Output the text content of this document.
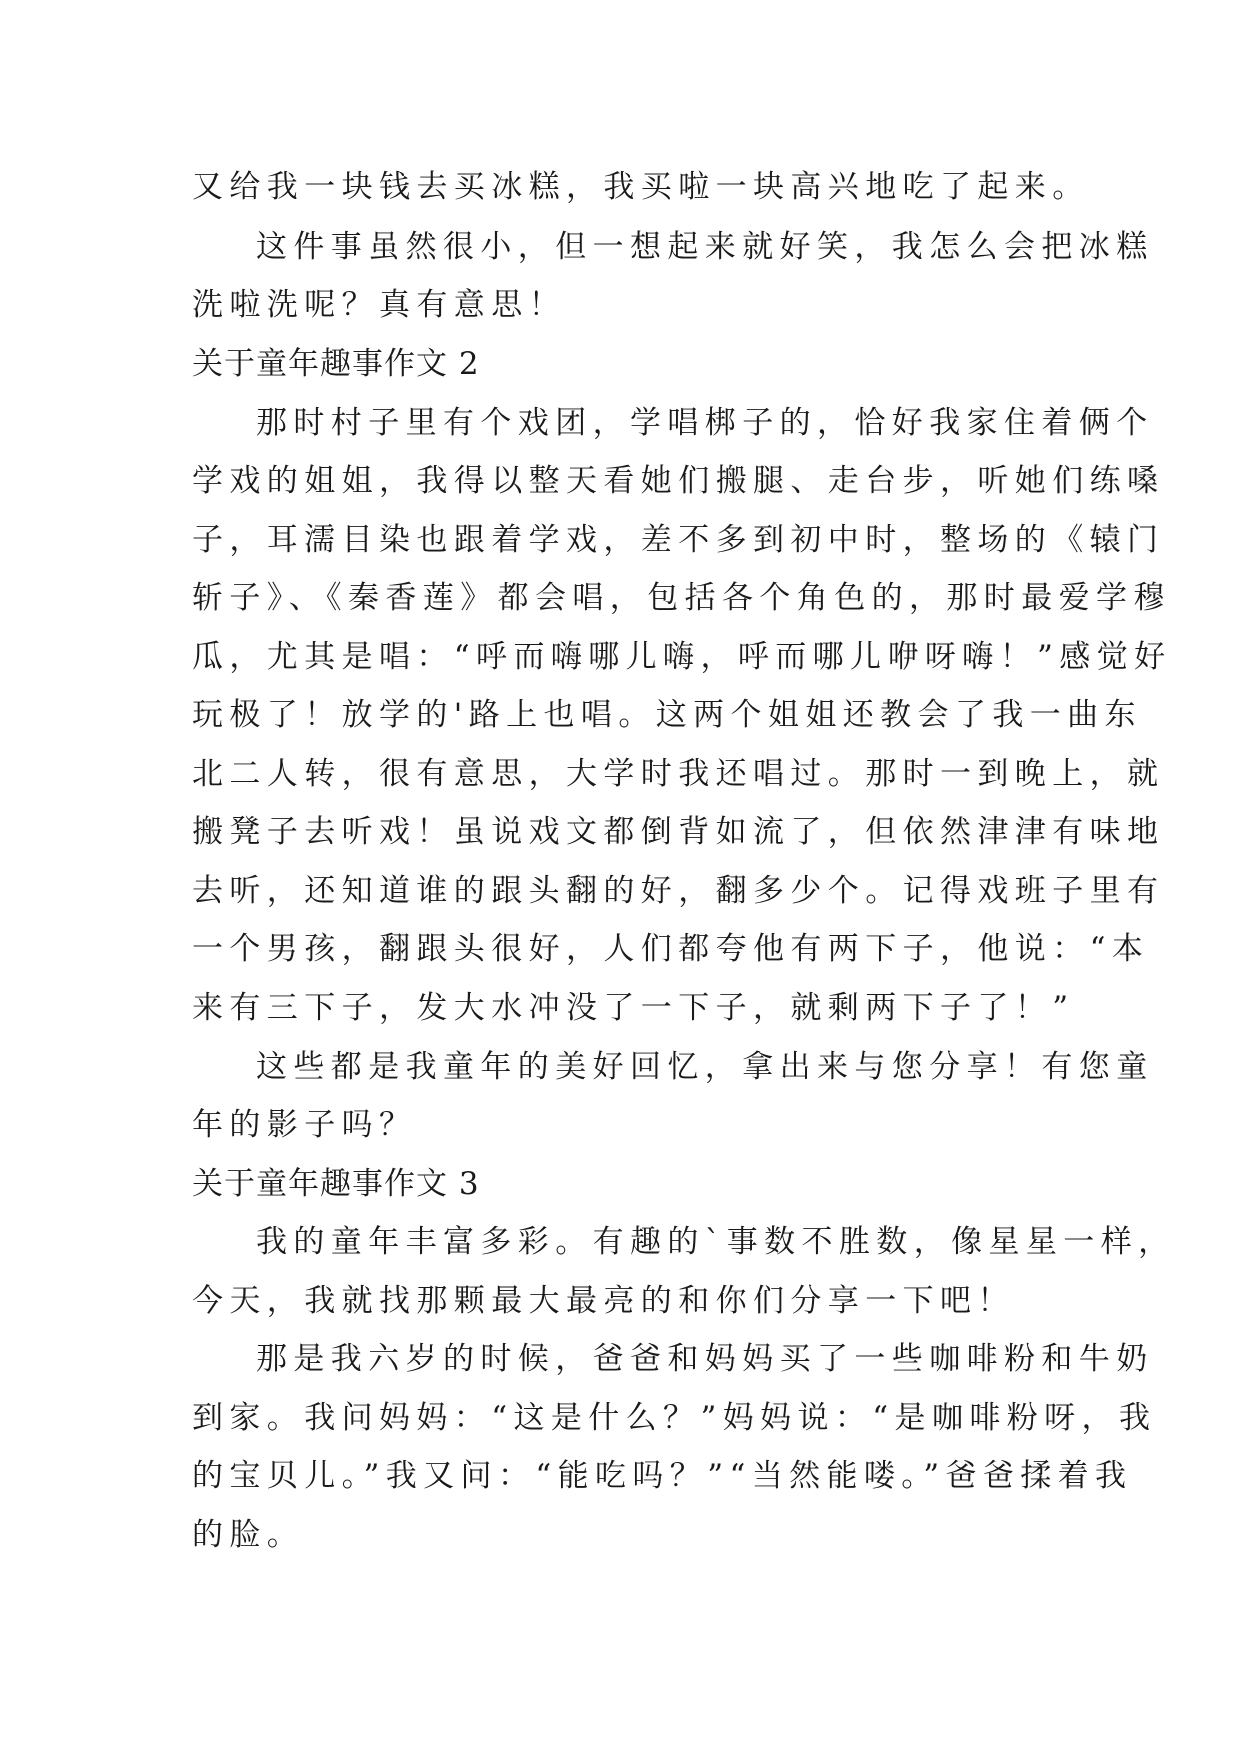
又给我一块钱去买冰糕，我买啦一块高兴地吃了起来。
这件事虽然很小，但一想起来就好笑，我怎么会把冰糕
洗啦洗呢？真有意思！
关于童年趣事作文 2
那时村子里有个戏团，学唱梆子的，恰好我家住着俩个
学戏的姐姐，我得以整天看她们搬腿、走台步，听她们练嗓
子，耳濡目染也跟着学戏，差不多到初中时，整场的《辕门
斩子》、《秦香莲》都会唱，包括各个角色的，那时最爱学穆
瓜，尤其是唱：“呼而嗨哪儿嗨，呼而哪儿咿呀嗨！”感觉好
玩极了！放学的'路上也唱。这两个姐姐还教会了我一曲东
北二人转，很有意思，大学时我还唱过。那时一到晚上，就
搬凳子去听戏！虽说戏文都倒背如流了，但依然津津有味地
去听，还知道谁的跟头翻的好，翻多少个。记得戏班子里有
一个男孩，翻跟头很好，人们都夸他有两下子，他说：“本
来有三下子，发大水冲没了一下子，就剩两下子了！”
这些都是我童年的美好回忆，拿出来与您分享！有您童
年的影子吗？
关于童年趣事作文 3
我的童年丰富多彩。有趣的`事数不胜数，像星星一样，
今天，我就找那颗最大最亮的和你们分享一下吧！
那是我六岁的时候，爸爸和妈妈买了一些咖啡粉和牛奶
到家。我问妈妈：“这是什么？”妈妈说：“是咖啡粉呀，我
的宝贝儿。”我又问：“能吃吗？”“当然能喽。”爸爸揉着我
的脸。
